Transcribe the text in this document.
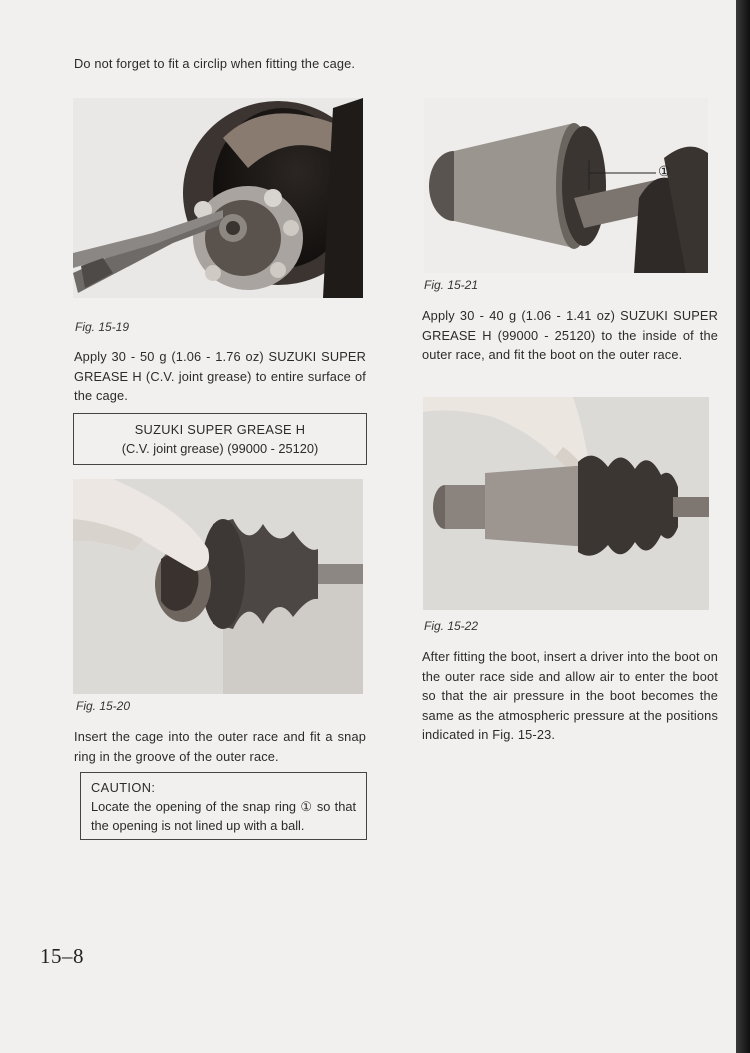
Do not forget to fit a circlip when fitting the cage.
Fig. 15-19
Apply 30 - 50 g (1.06 - 1.76 oz) SUZUKI SUPER GREASE H (C.V. joint grease) to entire surface of the cage.
SUZUKI SUPER GREASE H
(C.V. joint grease) (99000 - 25120)
Fig. 15-20
Insert the cage into the outer race and fit a snap ring in the groove of the outer race.
CAUTION:
Locate the opening of the snap ring ① so that the opening is not lined up with a ball.
①
Fig. 15-21
Apply 30 - 40 g (1.06 - 1.41 oz) SUZUKI SUPER GREASE H (99000 - 25120) to the inside of the outer race, and fit the boot on the outer race.
Fig. 15-22
After fitting the boot, insert a driver into the boot on the outer race side and allow air to enter the boot so that the air pressure in the boot becomes the same as the atmospheric pressure at the positions indicated in Fig. 15-23.
15–8
